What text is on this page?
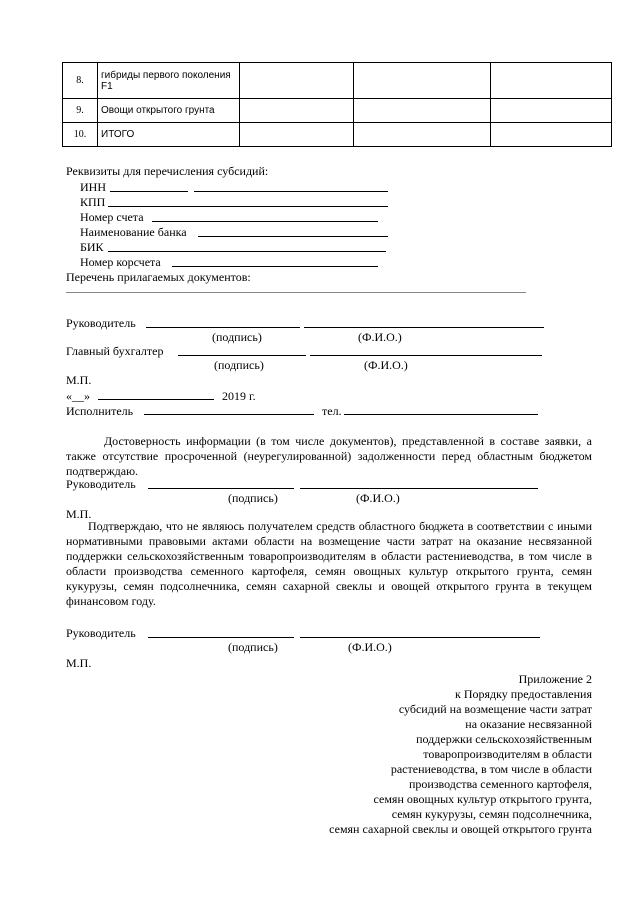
8.	гибриды первого поколения
F1			

9.	Овощи открытого грунта			
10.	ИТОГО			
Реквизиты для перечисления субсидий:
ИНН
КПП
Номер счета
Наименование банка
БИК
Номер корсчета
Перечень прилагаемых документов:
Руководитель
(подпись)	(Ф.И.О.)
Главный бухгалтер
(подпись)	(Ф.И.О.)
М.П.
«__»	2019 г.
Исполнитель	тел.
Достоверность информации (в том числе документов), представленной в составе заявки, а также отсутствие просроченной (неурегулированной) задолженности перед областным бюджетом подтверждаю.
Руководитель
(подпись)	(Ф.И.О.)
М.П.
Подтверждаю, что не являюсь получателем средств областного бюджета в соответствии с иными нормативными правовыми актами области на возмещение части затрат на оказание несвязанной поддержки сельскохозяйственным товаропроизводителям в области растениеводства, в том числе в области производства семенного картофеля, семян овощных культур открытого грунта, семян кукурузы, семян подсолнечника, семян сахарной свеклы и овощей открытого грунта в текущем финансовом году.
Руководитель
(подпись)	(Ф.И.О.)
М.П.
Приложение 2
к Порядку предоставления
субсидий на возмещение части затрат
на оказание несвязанной
поддержки сельскохозяйственным
товаропроизводителям в области
растениеводства, в том числе в области
производства семенного картофеля,
семян овощных культур открытого грунта,
семян кукурузы, семян подсолнечника,
семян сахарной свеклы и овощей открытого грунта
